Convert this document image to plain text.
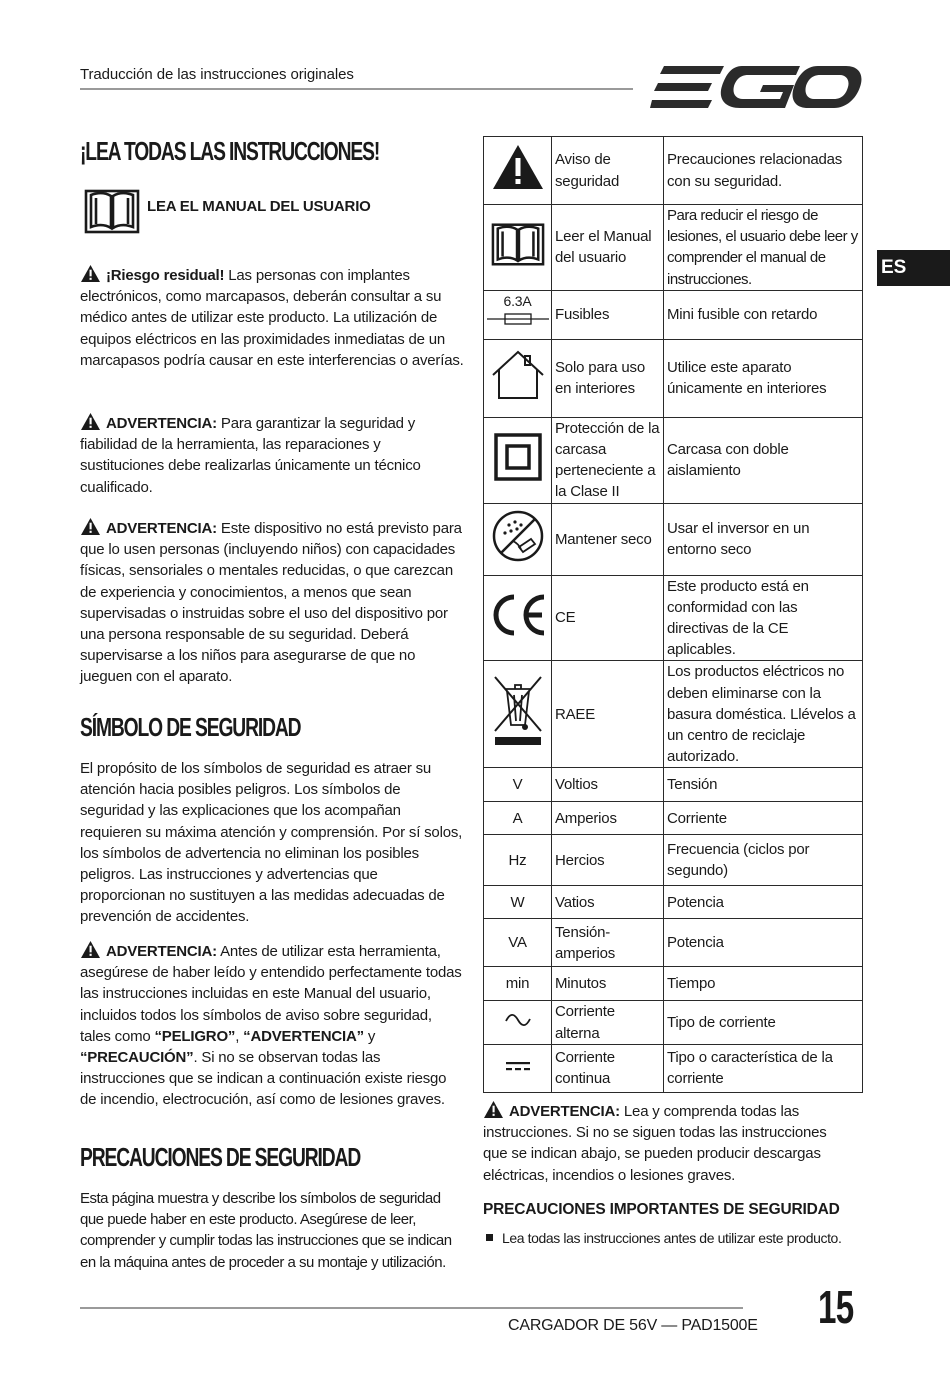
Traducción de las instrucciones originales
ES
¡LEA TODAS LAS INSTRUCCIONES!
LEA EL MANUAL DEL USUARIO
¡Riesgo residual! Las personas con implantes electrónicos, como marcapasos, deberán consultar a su médico antes de utilizar este producto. La utilización de equipos eléctricos en las proximidades inmediatas de un marcapasos podría causar en este interferencias o averías.
ADVERTENCIA: Para garantizar la seguridad y fiabilidad de la herramienta, las reparaciones y sustituciones debe realizarlas únicamente un técnico cualificado.
ADVERTENCIA: Este dispositivo no está previsto para que lo usen personas (incluyendo niños) con capacidades físicas, sensoriales o mentales reducidas, o que carezcan de experiencia y conocimientos, a menos que sean supervisadas o instruidas sobre el uso del dispositivo por una persona responsable de su seguridad. Deberá supervisarse a los niños para asegurarse de que no jueguen con el aparato.
SÍMBOLO DE SEGURIDAD
El propósito de los símbolos de seguridad es atraer su atención hacia posibles peligros. Los símbolos de seguridad y las explicaciones que los acompañan requieren su máxima atención y comprensión. Por sí solos, los símbolos de advertencia no eliminan los posibles peligros. Las instrucciones y advertencias que proporcionan no sustituyen a las medidas adecuadas de prevención de accidentes.
ADVERTENCIA: Antes de utilizar esta herramienta, asegúrese de haber leído y entendido perfectamente todas las instrucciones incluidas en este Manual del usuario, incluidos todos los símbolos de aviso sobre seguridad, tales como “PELIGRO”, “ADVERTENCIA” y “PRECAUCIÓN”. Si no se observan todas las instrucciones que se indican a continuación existe riesgo de incendio, electrocución, así como de lesiones graves.
PRECAUCIONES DE SEGURIDAD
Esta página muestra y describe los símbolos de seguridad que puede haber en este producto. Asegúrese de leer, comprender y cumplir todas las instrucciones que se indican en la máquina antes de proceder a su montaje y utilización.
	Aviso de seguridad	Precauciones relacionadas con su seguridad.
	Leer el Manual del usuario	Para reducir el riesgo de lesiones, el usuario debe leer y comprender el manual de instrucciones.

6.3A	Fusibles	Mini fusible con retardo
	Solo para uso en interiores	Utilice este aparato únicamente en interiores
	Protección de la carcasa perteneciente a la Clase II	Carcasa con doble aislamiento
	Mantener seco	Usar el inversor en un entorno seco
	CE	Este producto está en conformidad con las directivas de la CE aplicables.
	RAEE	Los productos eléctricos no deben eliminarse con la basura doméstica. Llévelos a un centro de reciclaje autorizado.
V	Voltios	Tensión
A	Amperios	Corriente
Hz	Hercios	Frecuencia (ciclos por segundo)
W	Vatios	Potencia
VA	Tensión-amperios	Potencia
min	Minutos	Tiempo
	Corriente alterna	Tipo de corriente
	Corriente continua	Tipo o característica de la corriente
ADVERTENCIA: Lea y comprenda todas las instrucciones. Si no se siguen todas las instrucciones que se indican abajo, se pueden producir descargas eléctricas, incendios o lesiones graves.
PRECAUCIONES IMPORTANTES DE SEGURIDAD
Lea todas las instrucciones antes de utilizar este producto.
CARGADOR DE 56V — PAD1500E 15
